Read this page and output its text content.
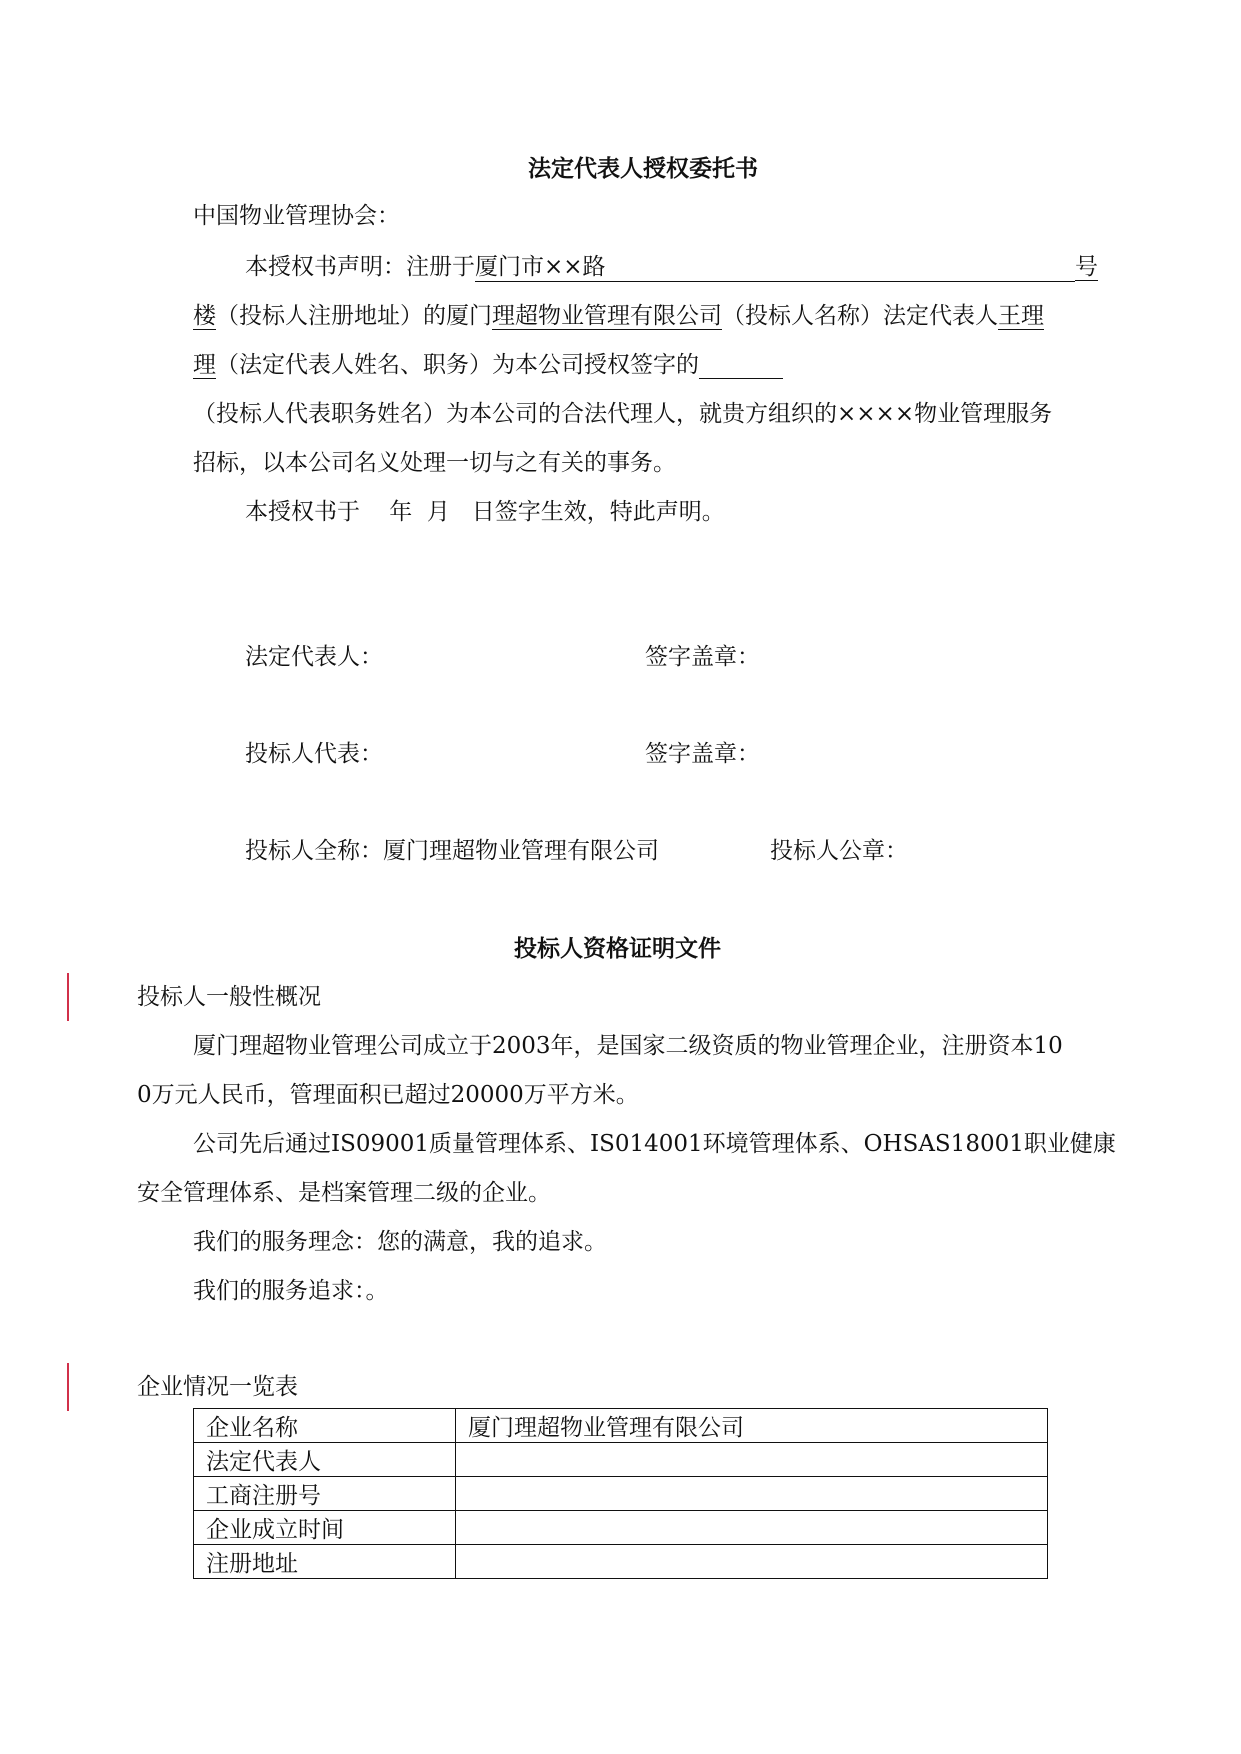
法定代表人授权委托书
中国物业管理协会：
本授权书声明：注册于厦门市××路	号
楼（投标人注册地址）的厦门理超物业管理有限公司（投标人名称）法定代表人王理
理（法定代表人姓名、职务）为本公司授权签字的
（投标人代表职务姓名）为本公司的合法代理人，就贵方组织的××××物业管理服务
招标，以本公司名义处理一切与之有关的事务。
本授权书于    年  月   日签字生效，特此声明。
法定代表人：	签字盖章：
投标人代表：	签字盖章：
投标人全称：厦门理超物业管理有限公司	投标人公章：
投标人资格证明文件
投标人一般性概况
厦门理超物业管理公司成立于2003年，是国家二级资质的物业管理企业，注册资本10
0万元人民币，管理面积已超过20000万平方米。
公司先后通过IS09001质量管理体系、IS014001环境管理体系、OHSAS18001职业健康
安全管理体系、是档案管理二级的企业。
我们的服务理念：您的满意，我的追求。
我们的服务追求：。
企业情况一览表
企业名称	厦门理超物业管理有限公司
法定代表人	
工商注册号	
企业成立时间	
注册地址	
